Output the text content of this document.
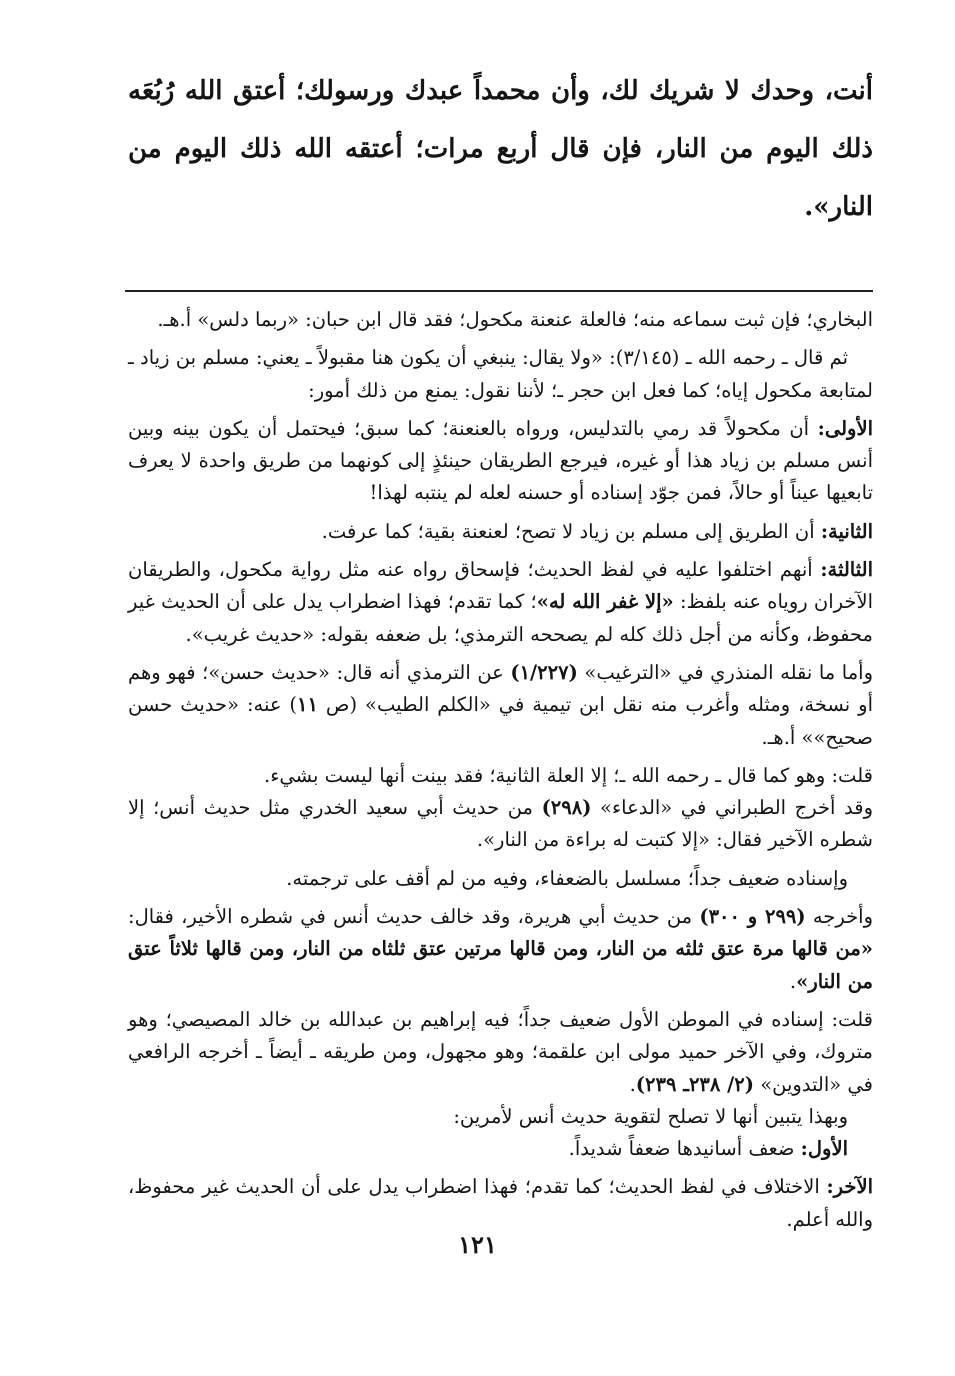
أنت، وحدك لا شريك لك، وأن محمداً عبدك ورسولك؛ أعتق الله رُبُعَه ذلك اليوم من النار، فإن قال أربع مرات؛ أعتقه الله ذلك اليوم من النار».

البخاري؛ فإن ثبت سماعه منه؛ فالعلة عنعنة مكحول؛ فقد قال ابن حبان: «ربما دلس» أ.هـ.

ثم قال ـ رحمه الله ـ (٣/١٤٥): «ولا يقال: ينبغي أن يكون هنا مقبولاً ـ يعني: مسلم بن زياد ـ لمتابعة مكحول إياه؛ كما فعل ابن حجر ـ؛ لأننا نقول: يمنع من ذلك أمور:

الأولى: أن مكحولاً قد رمي بالتدليس، ورواه بالعنعنة؛ كما سبق؛ فيحتمل أن يكون بينه وبين أنس مسلم بن زياد هذا أو غيره، فيرجع الطريقان حينئذٍ إلى كونهما من طريق واحدة لا يعرف تابعيها عيناً أو حالاً، فمن جوّد إسناده أو حسنه لعله لم ينتبه لهذا!

الثانية: أن الطريق إلى مسلم بن زياد لا تصح؛ لعنعنة بقية؛ كما عرفت.

الثالثة: أنهم اختلفوا عليه في لفظ الحديث؛ فإسحاق رواه عنه مثل رواية مكحول، والطريقان الآخران روياه عنه بلفظ: «إلا غفر الله له»؛ كما تقدم؛ فهذا اضطراب يدل على أن الحديث غير محفوظ، وكأنه من أجل ذلك كله لم يصححه الترمذي؛ بل ضعفه بقوله: «حديث غريب».

وأما ما نقله المنذري في «الترغيب» (١/٢٢٧) عن الترمذي أنه قال: «حديث حسن»؛ فهو وهم أو نسخة، ومثله وأغرب منه نقل ابن تيمية في «الكلم الطيب» (ص ١١) عنه: «حديث حسن صحيح»» أ.هـ.

قلت: وهو كما قال ـ رحمه الله ـ؛ إلا العلة الثانية؛ فقد بينت أنها ليست بشيء.

وقد أخرج الطبراني في «الدعاء» (٢٩٨) من حديث أبي سعيد الخدري مثل حديث أنس؛ إلا شطره الآخير فقال: «إلا كتبت له براءة من النار».

وإسناده ضعيف جداً؛ مسلسل بالضعفاء، وفيه من لم أقف على ترجمته.

وأخرجه (٢٩٩ و ٣٠٠) من حديث أبي هريرة، وقد خالف حديث أنس في شطره الأخير، فقال: «من قالها مرة عتق ثلثه من النار، ومن قالها مرتين عتق ثلثاه من النار، ومن قالها ثلاثاً عتق من النار».

قلت: إسناده في الموطن الأول ضعيف جداً؛ فيه إبراهيم بن عبدالله بن خالد المصيصي؛ وهو متروك، وفي الآخر حميد مولى ابن علقمة؛ وهو مجهول، ومن طريقه ـ أيضاً ـ أخرجه الرافعي في «التدوين» (٢/ ٢٣٨ـ ٢٣٩).

وبهذا يتبين أنها لا تصلح لتقوية حديث أنس لأمرين:

الأول: ضعف أسانيدها ضعفاً شديداً.

الآخر: الاختلاف في لفظ الحديث؛ كما تقدم؛ فهذا اضطراب يدل على أن الحديث غير محفوظ، والله أعلم.

١٢١
